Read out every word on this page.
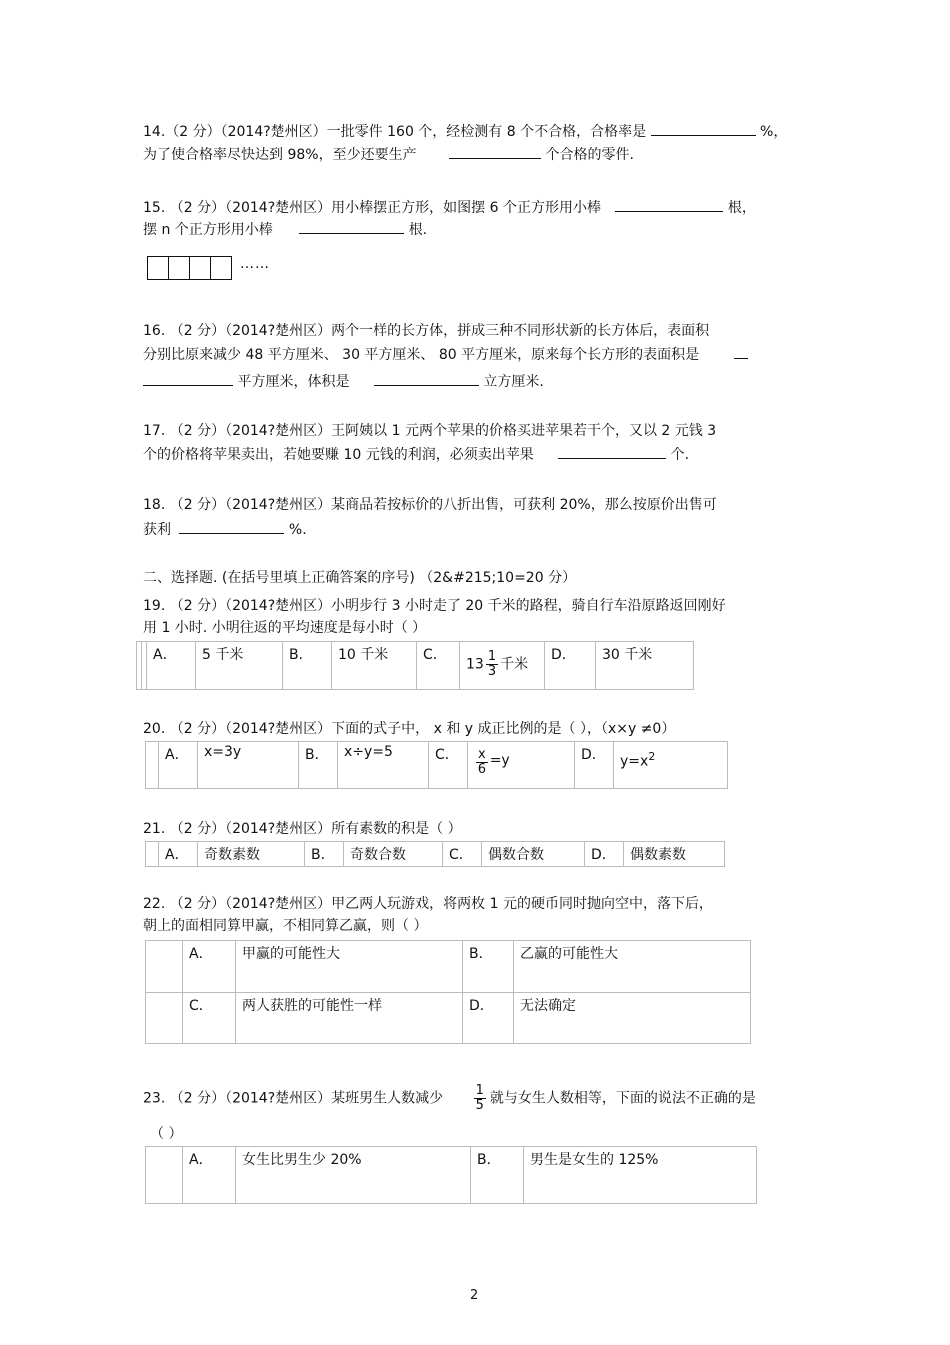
14.（2 分）（2014?楚州区）一批零件 160 个，经检测有 8 个不合格，合格率是	%，
为了使合格率尽快达到 98%，至少还要生产	个合格的零件.
15. （2 分）（2014?楚州区）用小棒摆正方形，如图摆 6 个正方形用小棒	根，
摆 n 个正方形用小棒	根.
……
16. （2 分）（2014?楚州区）两个一样的长方体，拼成三种不同形状新的长方体后，表面积
分别比原来减少 48 平方厘米、 30 平方厘米、 80 平方厘米，原来每个长方形的表面积是
平方厘米，体积是	立方厘米.
17. （2 分）（2014?楚州区）王阿姨以 1 元两个苹果的价格买进苹果若干个，又以 2 元钱 3
个的价格将苹果卖出，若她要赚 10 元钱的利润，必须卖出苹果	个.
18. （2 分）（2014?楚州区）某商品若按标价的八折出售，可获利 20%，那么按原价出售可
获利	%.
二、选择题. (在括号里填上正确答案的序号) （2&#215;10=20 分）
19. （2 分）（2014?楚州区）小明步行 3 小时走了 20 千米的路程，骑自行车沿原路返回刚好
用 1 小时. 小明往返的平均速度是每小时（ ）
		A．	5 千米	B．	10 千米	C．	$13 \frac{1}{3}$ 千米	D．	30 千米
20. （2 分）（2014?楚州区）下面的式子中， x 和 y 成正比例的是（ ），（x×y ≠0）
	A．	x=3y	B．	x÷y=5	C．	$\frac{x}{6} =y$	D．	$y=x^2$
21. （2 分）（2014?楚州区）所有素数的积是（ ）
	A．	奇数素数	B．	奇数合数	C．	偶数合数	D．	偶数素数
22. （2 分）（2014?楚州区）甲乙两人玩游戏，将两枚 1 元的硬币同时抛向空中，落下后，
朝上的面相同算甲赢，不相同算乙赢，则（ ）
	A．	甲赢的可能性大	B．	乙赢的可能性大
	C．	两人获胜的可能性一样	D．	无法确定
23. （2 分）（2014?楚州区）某班男生人数减少 $\frac{1}{5}$ 就与女生人数相等，下面的说法不正确的是
（ ）
	A．	女生比男生少 20%	B．	男生是女生的 125%
2
